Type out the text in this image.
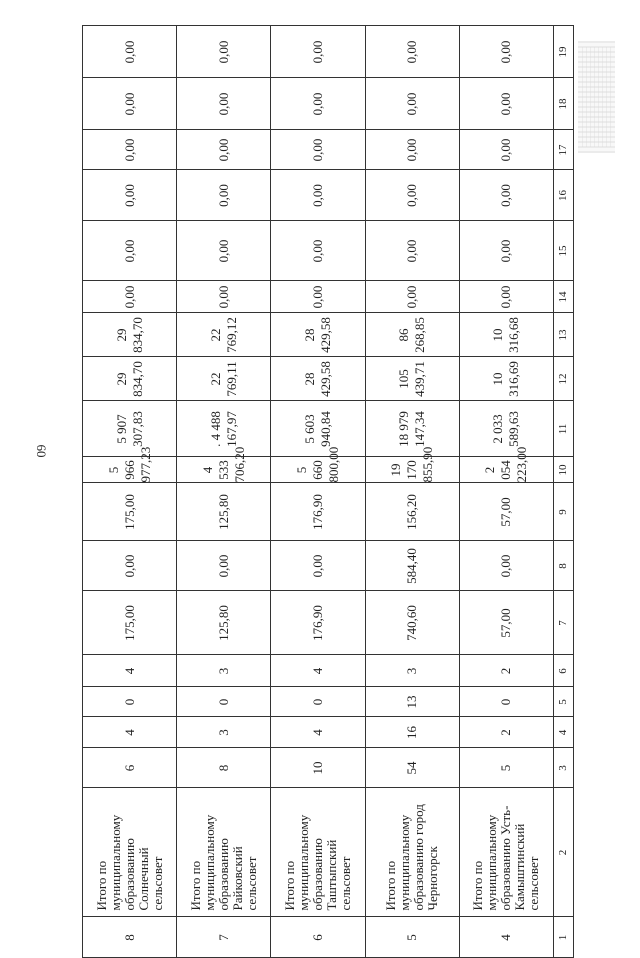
60
19	18	17	16	15	14	13	12	11	10	9	8	7	6	5	4	3	2	1
0,00	0,00	0,00	0,00	0,00	0,00	10 316,68	10 316,69	2 033 589,63	2 054 223,00	57,00	0,00	57,00	2	0	2	5	Итого по муниципальному образованию Усть-Камыштинский сельсовет	4
0,00	0,00	0,00	0,00	0,00	0,00	86 268,85	105 439,71	18 979 147,34	19 170 855,90	156,20	584,40	740,60	3	13	16	54	Итого по муниципальному образованию город Черногорск	5
0,00	0,00	0,00	0,00	0,00	0,00	28 429,58	28 429,58	5 603 940,84	5 660 800,00	176,90	0,00	176,90	4	0	4	10	Итого по муниципальному образованию Таштыпский сельсовет	6
0,00	0,00	0,00	0,00	0,00	0,00	22 769,12	22 769,11	. 4 488 167,97	4 533 706,20	125,80	0,00	125,80	3	0	3	8	Итого по муниципальному образованию Райковский сельсовет	7
0,00	0,00	0,00	0,00	0,00	0,00	29 834,70	29 834,70	5 907 307,83	5 966 977,23	175,00	0,00	175,00	4	0	4	6	Итого по муниципальному образованию Солнечный сельсовет	8
